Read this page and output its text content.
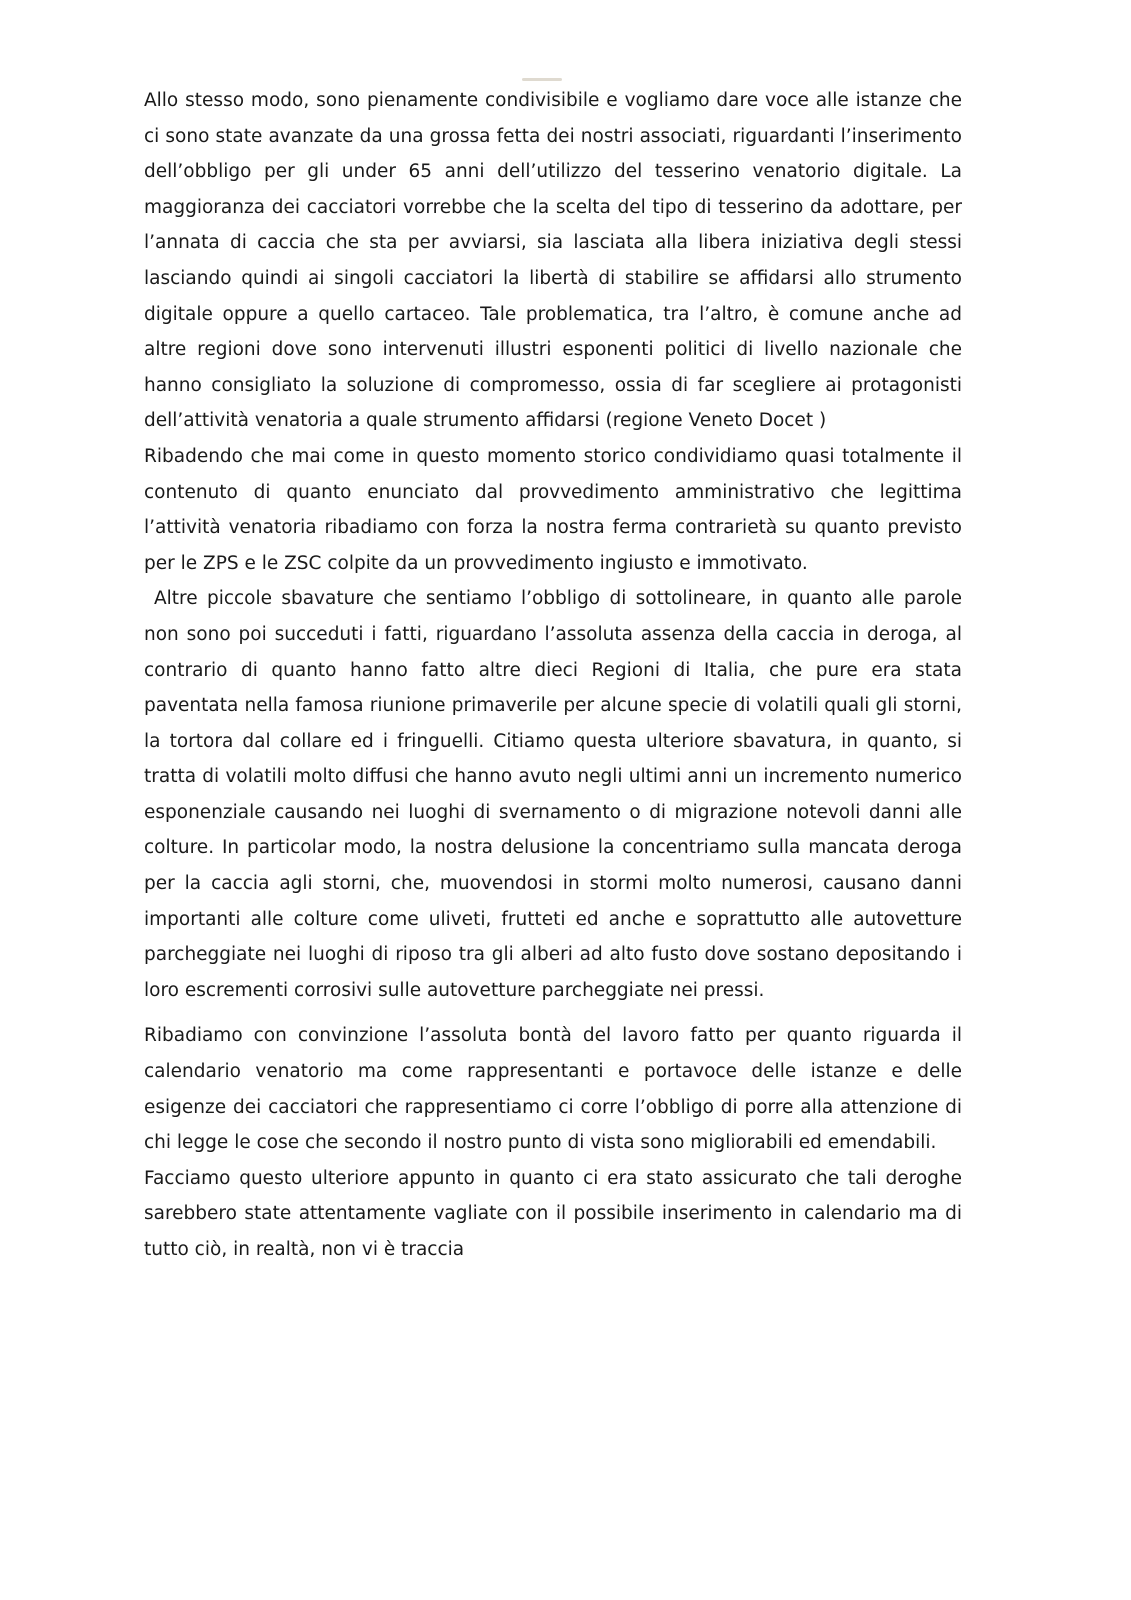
Allo stesso modo, sono pienamente condivisibile e vogliamo dare voce alle istanze che ci sono state avanzate da una grossa fetta dei nostri associati, riguardanti l’inserimento dell’obbligo per gli under 65 anni dell’utilizzo del tesserino venatorio digitale. La maggioranza dei cacciatori vorrebbe che la scelta del tipo di tesserino da adottare, per l’annata di caccia che sta per avviarsi, sia lasciata alla libera iniziativa degli stessi lasciando quindi ai singoli cacciatori la libertà di stabilire se affidarsi allo strumento digitale oppure a quello cartaceo. Tale problematica, tra l’altro, è comune anche ad altre regioni dove sono intervenuti illustri esponenti politici di livello nazionale che hanno consigliato la soluzione di compromesso, ossia di far scegliere ai protagonisti dell’attività venatoria a quale strumento affidarsi (regione Veneto Docet )

Ribadendo che mai come in questo momento storico condividiamo quasi totalmente il contenuto di quanto enunciato dal provvedimento amministrativo che legittima l’attività venatoria ribadiamo con forza la nostra ferma contrarietà su quanto previsto per le ZPS e le ZSC colpite da un provvedimento ingiusto e immotivato.

Altre piccole sbavature che sentiamo l’obbligo di sottolineare, in quanto alle parole non sono poi succeduti i fatti, riguardano l’assoluta assenza della caccia in deroga, al contrario di quanto hanno fatto altre dieci Regioni di Italia, che pure era stata paventata nella famosa riunione primaverile per alcune specie di volatili quali gli storni, la tortora dal collare ed i fringuelli. Citiamo questa ulteriore sbavatura, in quanto, si tratta di volatili molto diffusi che hanno avuto negli ultimi anni un incremento numerico esponenziale causando nei luoghi di svernamento o di migrazione notevoli danni alle colture. In particolar modo, la nostra delusione la concentriamo sulla mancata deroga per la caccia agli storni, che, muovendosi in stormi molto numerosi, causano danni importanti alle colture come uliveti, frutteti ed anche e soprattutto alle autovetture parcheggiate nei luoghi di riposo tra gli alberi ad alto fusto dove sostano depositando i loro escrementi corrosivi sulle autovetture parcheggiate nei pressi.

Ribadiamo con convinzione l’assoluta bontà del lavoro fatto per quanto riguarda il calendario venatorio ma come rappresentanti e portavoce delle istanze e delle esigenze dei cacciatori che rappresentiamo ci corre l’obbligo di porre alla attenzione di chi legge le cose che secondo il nostro punto di vista sono migliorabili ed emendabili.

Facciamo questo ulteriore appunto in quanto ci era stato assicurato che tali deroghe sarebbero state attentamente vagliate con il possibile inserimento in calendario ma di tutto ciò, in realtà, non vi è traccia
